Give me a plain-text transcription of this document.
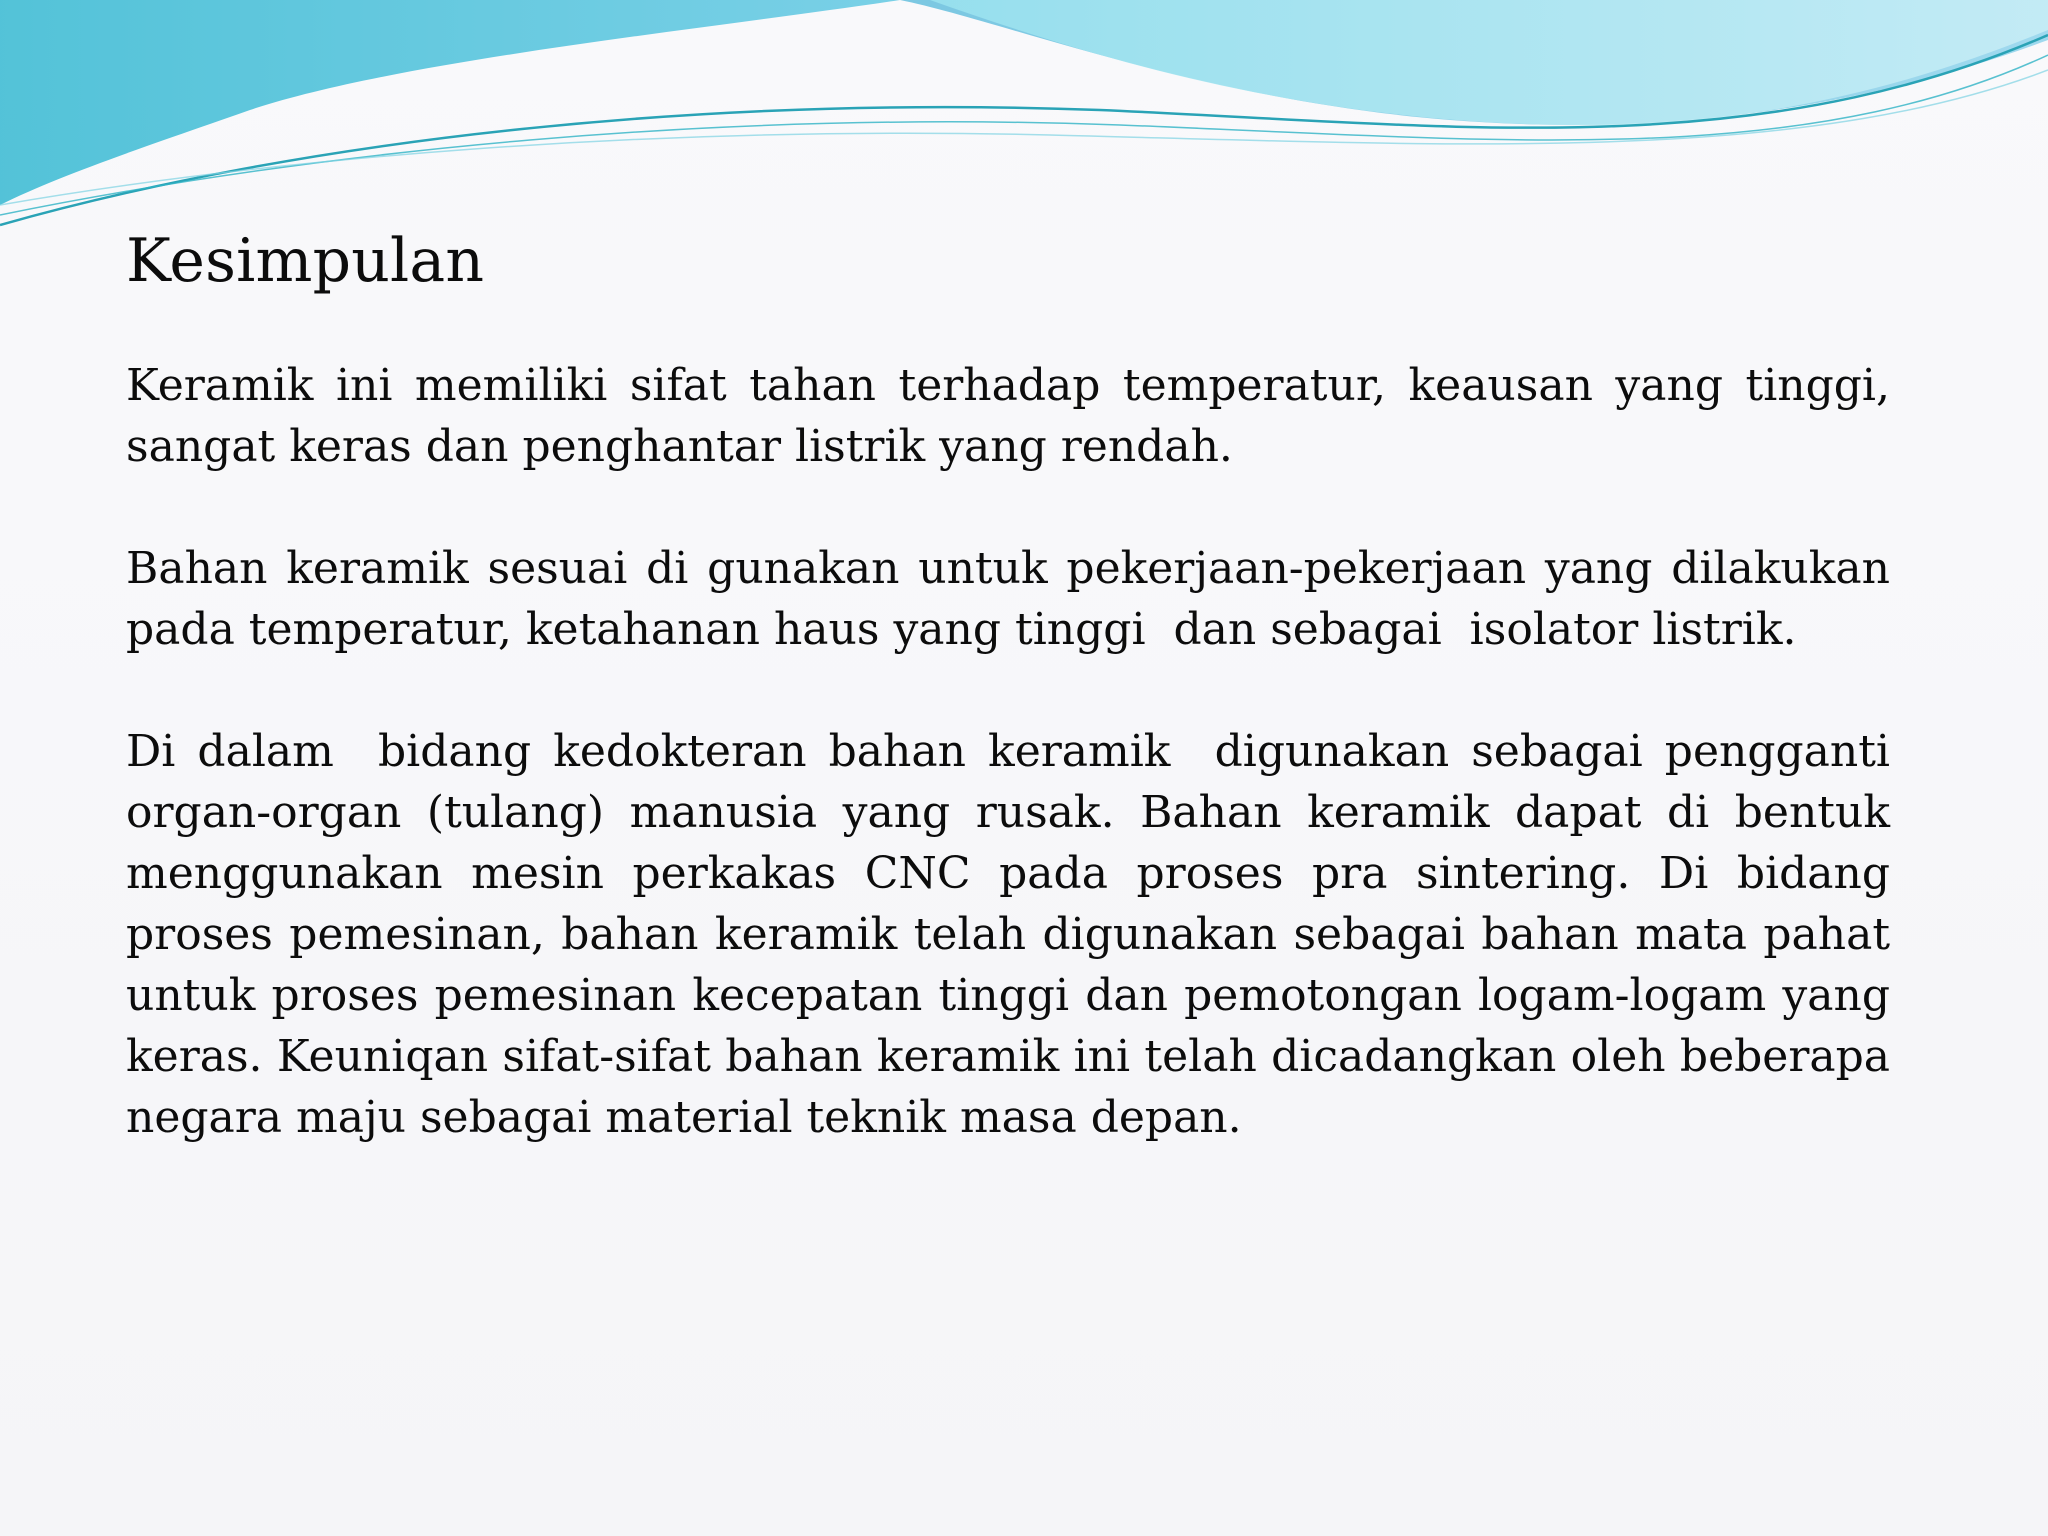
Kesimpulan

Keramik ini memiliki sifat tahan terhadap temperatur, keausan yang tinggi, sangat keras dan penghantar listrik yang rendah.

Bahan keramik sesuai di gunakan untuk pekerjaan-pekerjaan yang dilakukan pada temperatur, ketahanan haus yang tinggi  dan sebagai  isolator listrik.

Di dalam  bidang kedokteran bahan keramik  digunakan sebagai pengganti organ-organ (tulang) manusia yang rusak. Bahan keramik dapat di bentuk menggunakan mesin perkakas CNC pada proses pra sintering. Di bidang proses pemesinan, bahan keramik telah digunakan sebagai bahan mata pahat untuk proses pemesinan kecepatan tinggi dan pemotongan logam-logam yang keras. Keuniqan sifat-sifat bahan keramik ini telah dicadangkan oleh beberapa negara maju sebagai material teknik masa depan.
